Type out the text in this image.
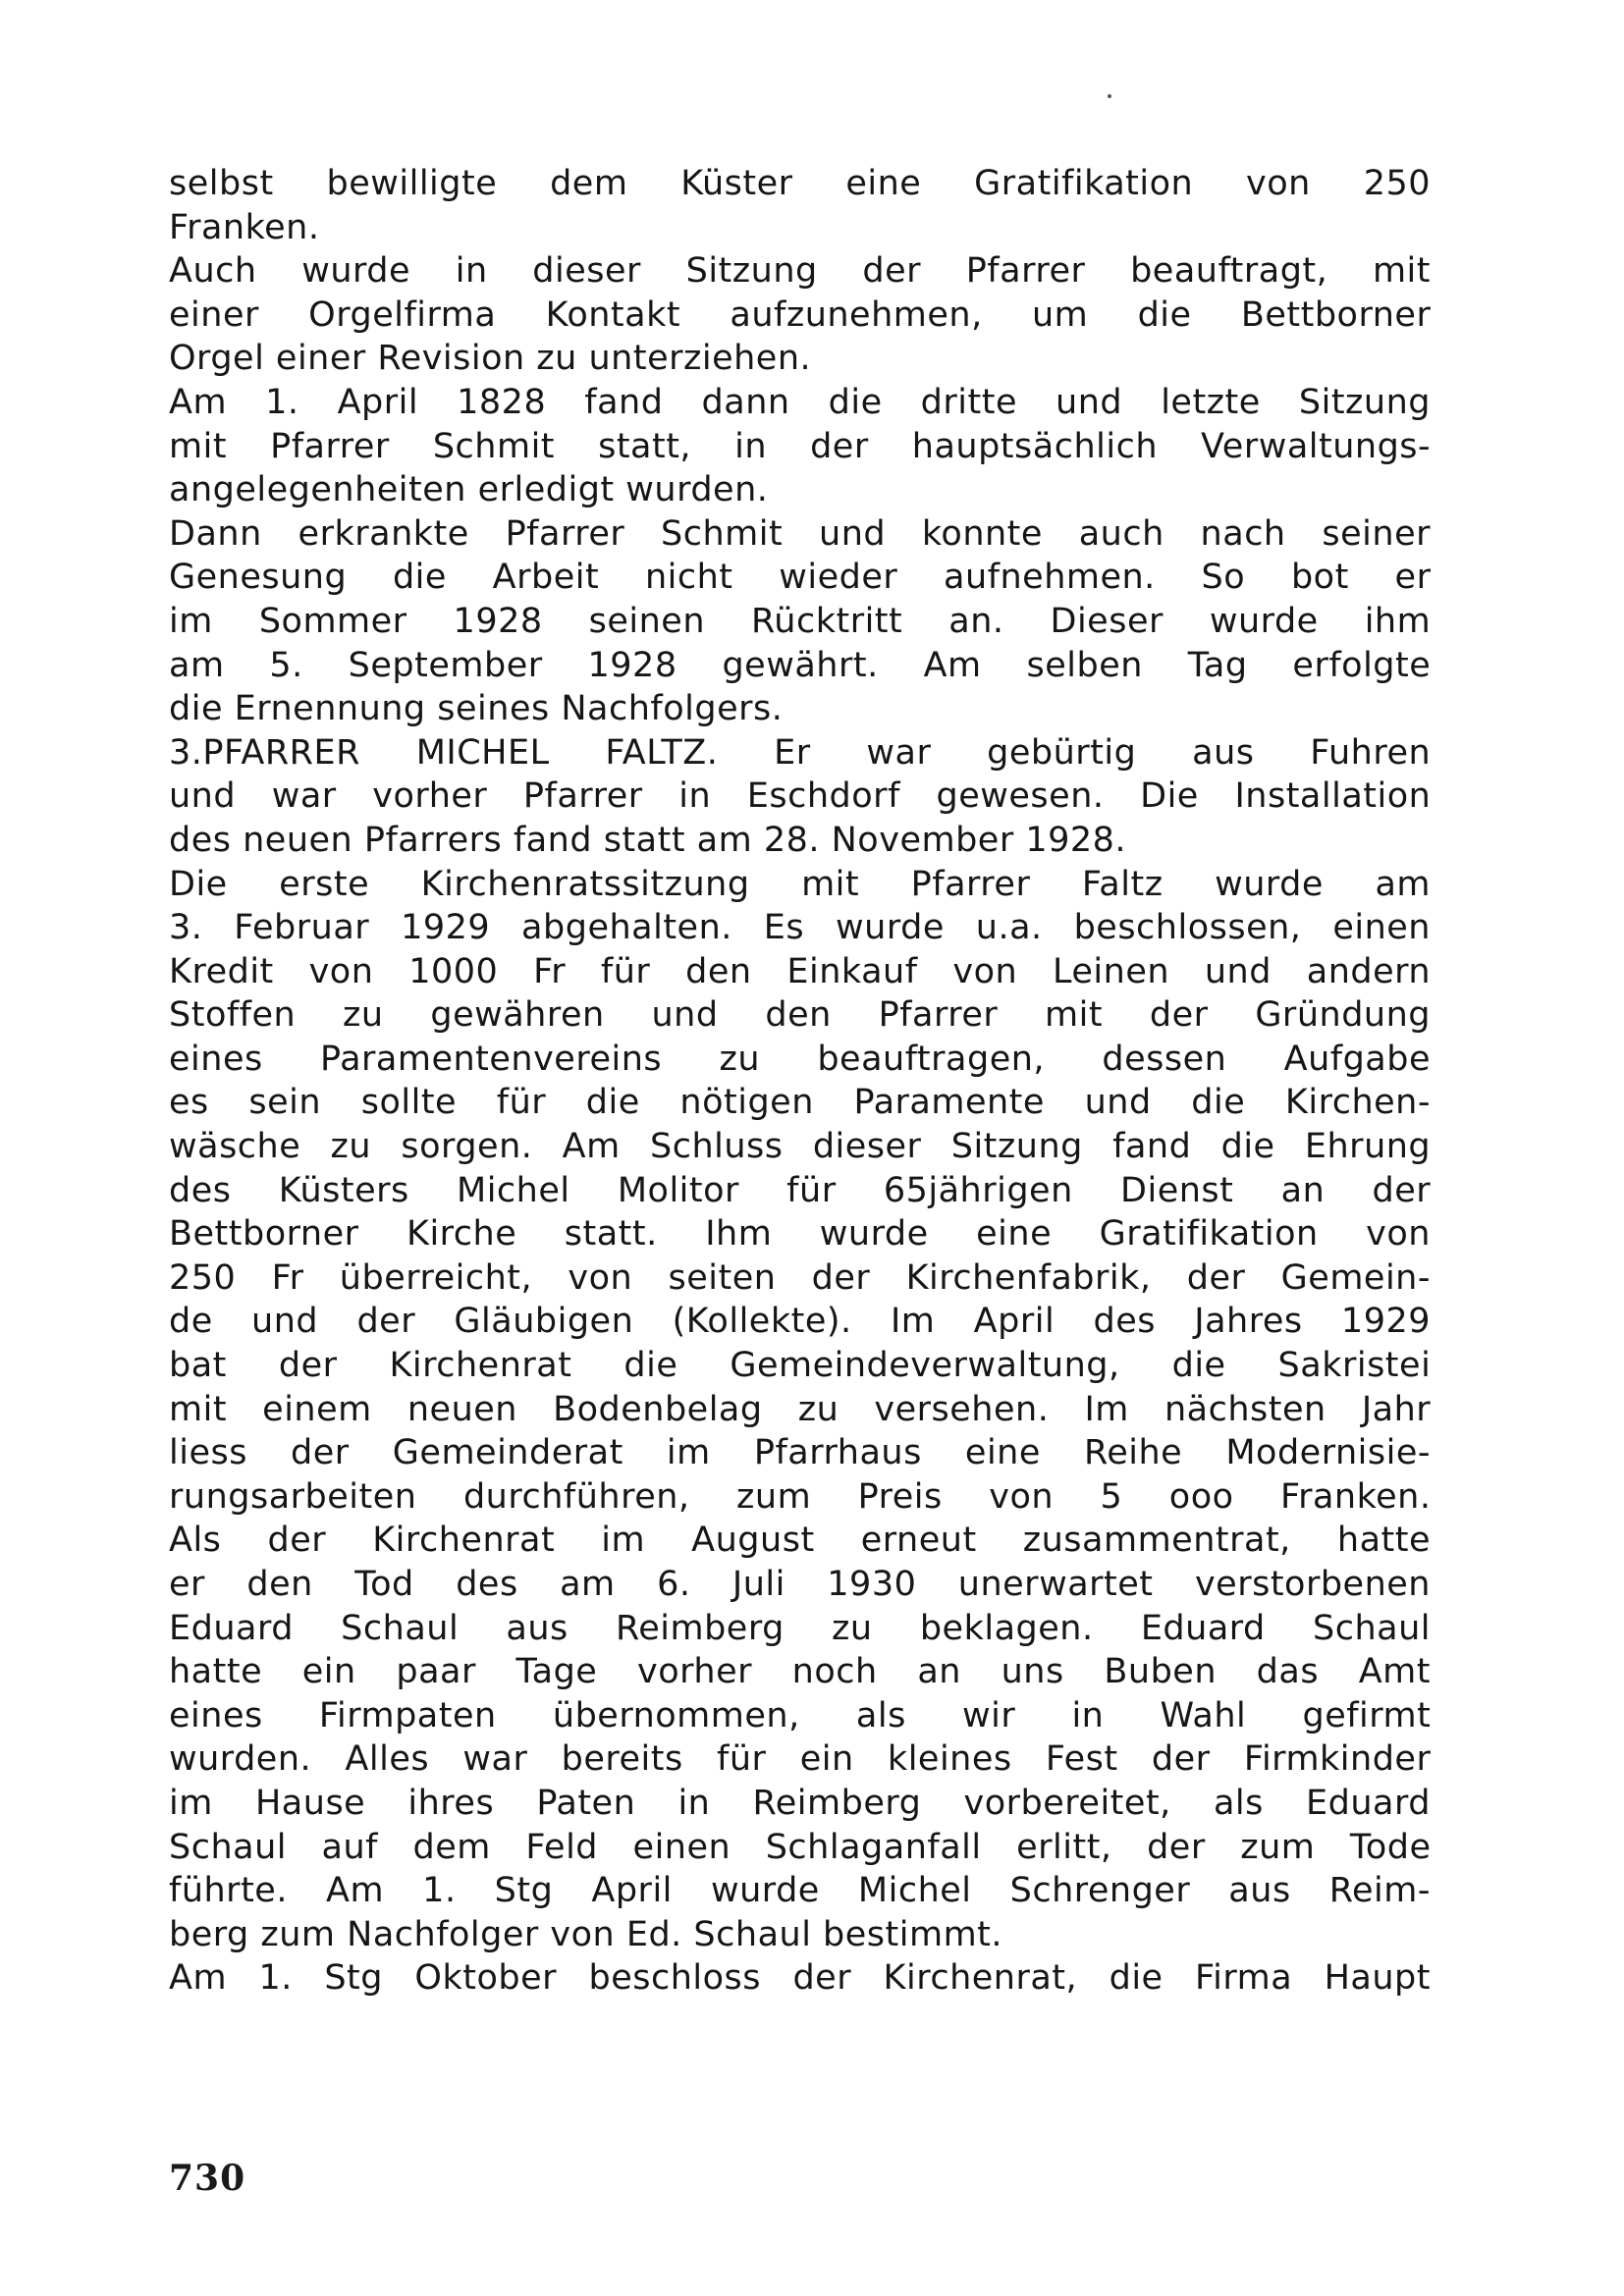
selbst bewilligte dem Küster eine Gratifikation von 250
Franken.
Auch wurde in dieser Sitzung der Pfarrer beauftragt, mit
einer Orgelfirma Kontakt aufzunehmen, um die Bettborner
Orgel einer Revision zu unterziehen.
Am 1. April 1828 fand dann die dritte und letzte Sitzung
mit Pfarrer Schmit statt, in der hauptsächlich Verwaltungs-
angelegenheiten erledigt wurden.
Dann erkrankte Pfarrer Schmit und konnte auch nach seiner
Genesung die Arbeit nicht wieder aufnehmen. So bot er
im Sommer 1928 seinen Rücktritt an. Dieser wurde ihm
am 5. September 1928 gewährt. Am selben Tag erfolgte
die Ernennung seines Nachfolgers.
3.PFARRER MICHEL FALTZ. Er war gebürtig aus Fuhren
und war vorher Pfarrer in Eschdorf gewesen. Die Installation
des neuen Pfarrers fand statt am 28. November 1928.
Die erste Kirchenratssitzung mit Pfarrer Faltz wurde am
3. Februar 1929 abgehalten. Es wurde u.a. beschlossen, einen
Kredit von 1000 Fr für den Einkauf von Leinen und andern
Stoffen zu gewähren und den Pfarrer mit der Gründung
eines Paramentenvereins zu beauftragen, dessen Aufgabe
es sein sollte für die nötigen Paramente und die Kirchen-
wäsche zu sorgen. Am Schluss dieser Sitzung fand die Ehrung
des Küsters Michel Molitor für 65jährigen Dienst an der
Bettborner Kirche statt. Ihm wurde eine Gratifikation von
250 Fr überreicht, von seiten der Kirchenfabrik, der Gemein-
de und der Gläubigen (Kollekte). Im April des Jahres 1929
bat der Kirchenrat die Gemeindeverwaltung, die Sakristei
mit einem neuen Bodenbelag zu versehen. Im nächsten Jahr
liess der Gemeinderat im Pfarrhaus eine Reihe Modernisie-
rungsarbeiten durchführen, zum Preis von 5 ooo Franken.
Als der Kirchenrat im August erneut zusammentrat, hatte
er den Tod des am 6. Juli 1930 unerwartet verstorbenen
Eduard Schaul aus Reimberg zu beklagen. Eduard Schaul
hatte ein paar Tage vorher noch an uns Buben das Amt
eines Firmpaten übernommen, als wir in Wahl gefirmt
wurden. Alles war bereits für ein kleines Fest der Firmkinder
im Hause ihres Paten in Reimberg vorbereitet, als Eduard
Schaul auf dem Feld einen Schlaganfall erlitt, der zum Tode
führte. Am 1. Stg April wurde Michel Schrenger aus Reim-
berg zum Nachfolger von Ed. Schaul bestimmt.
Am 1. Stg Oktober beschloss der Kirchenrat, die Firma Haupt
730
